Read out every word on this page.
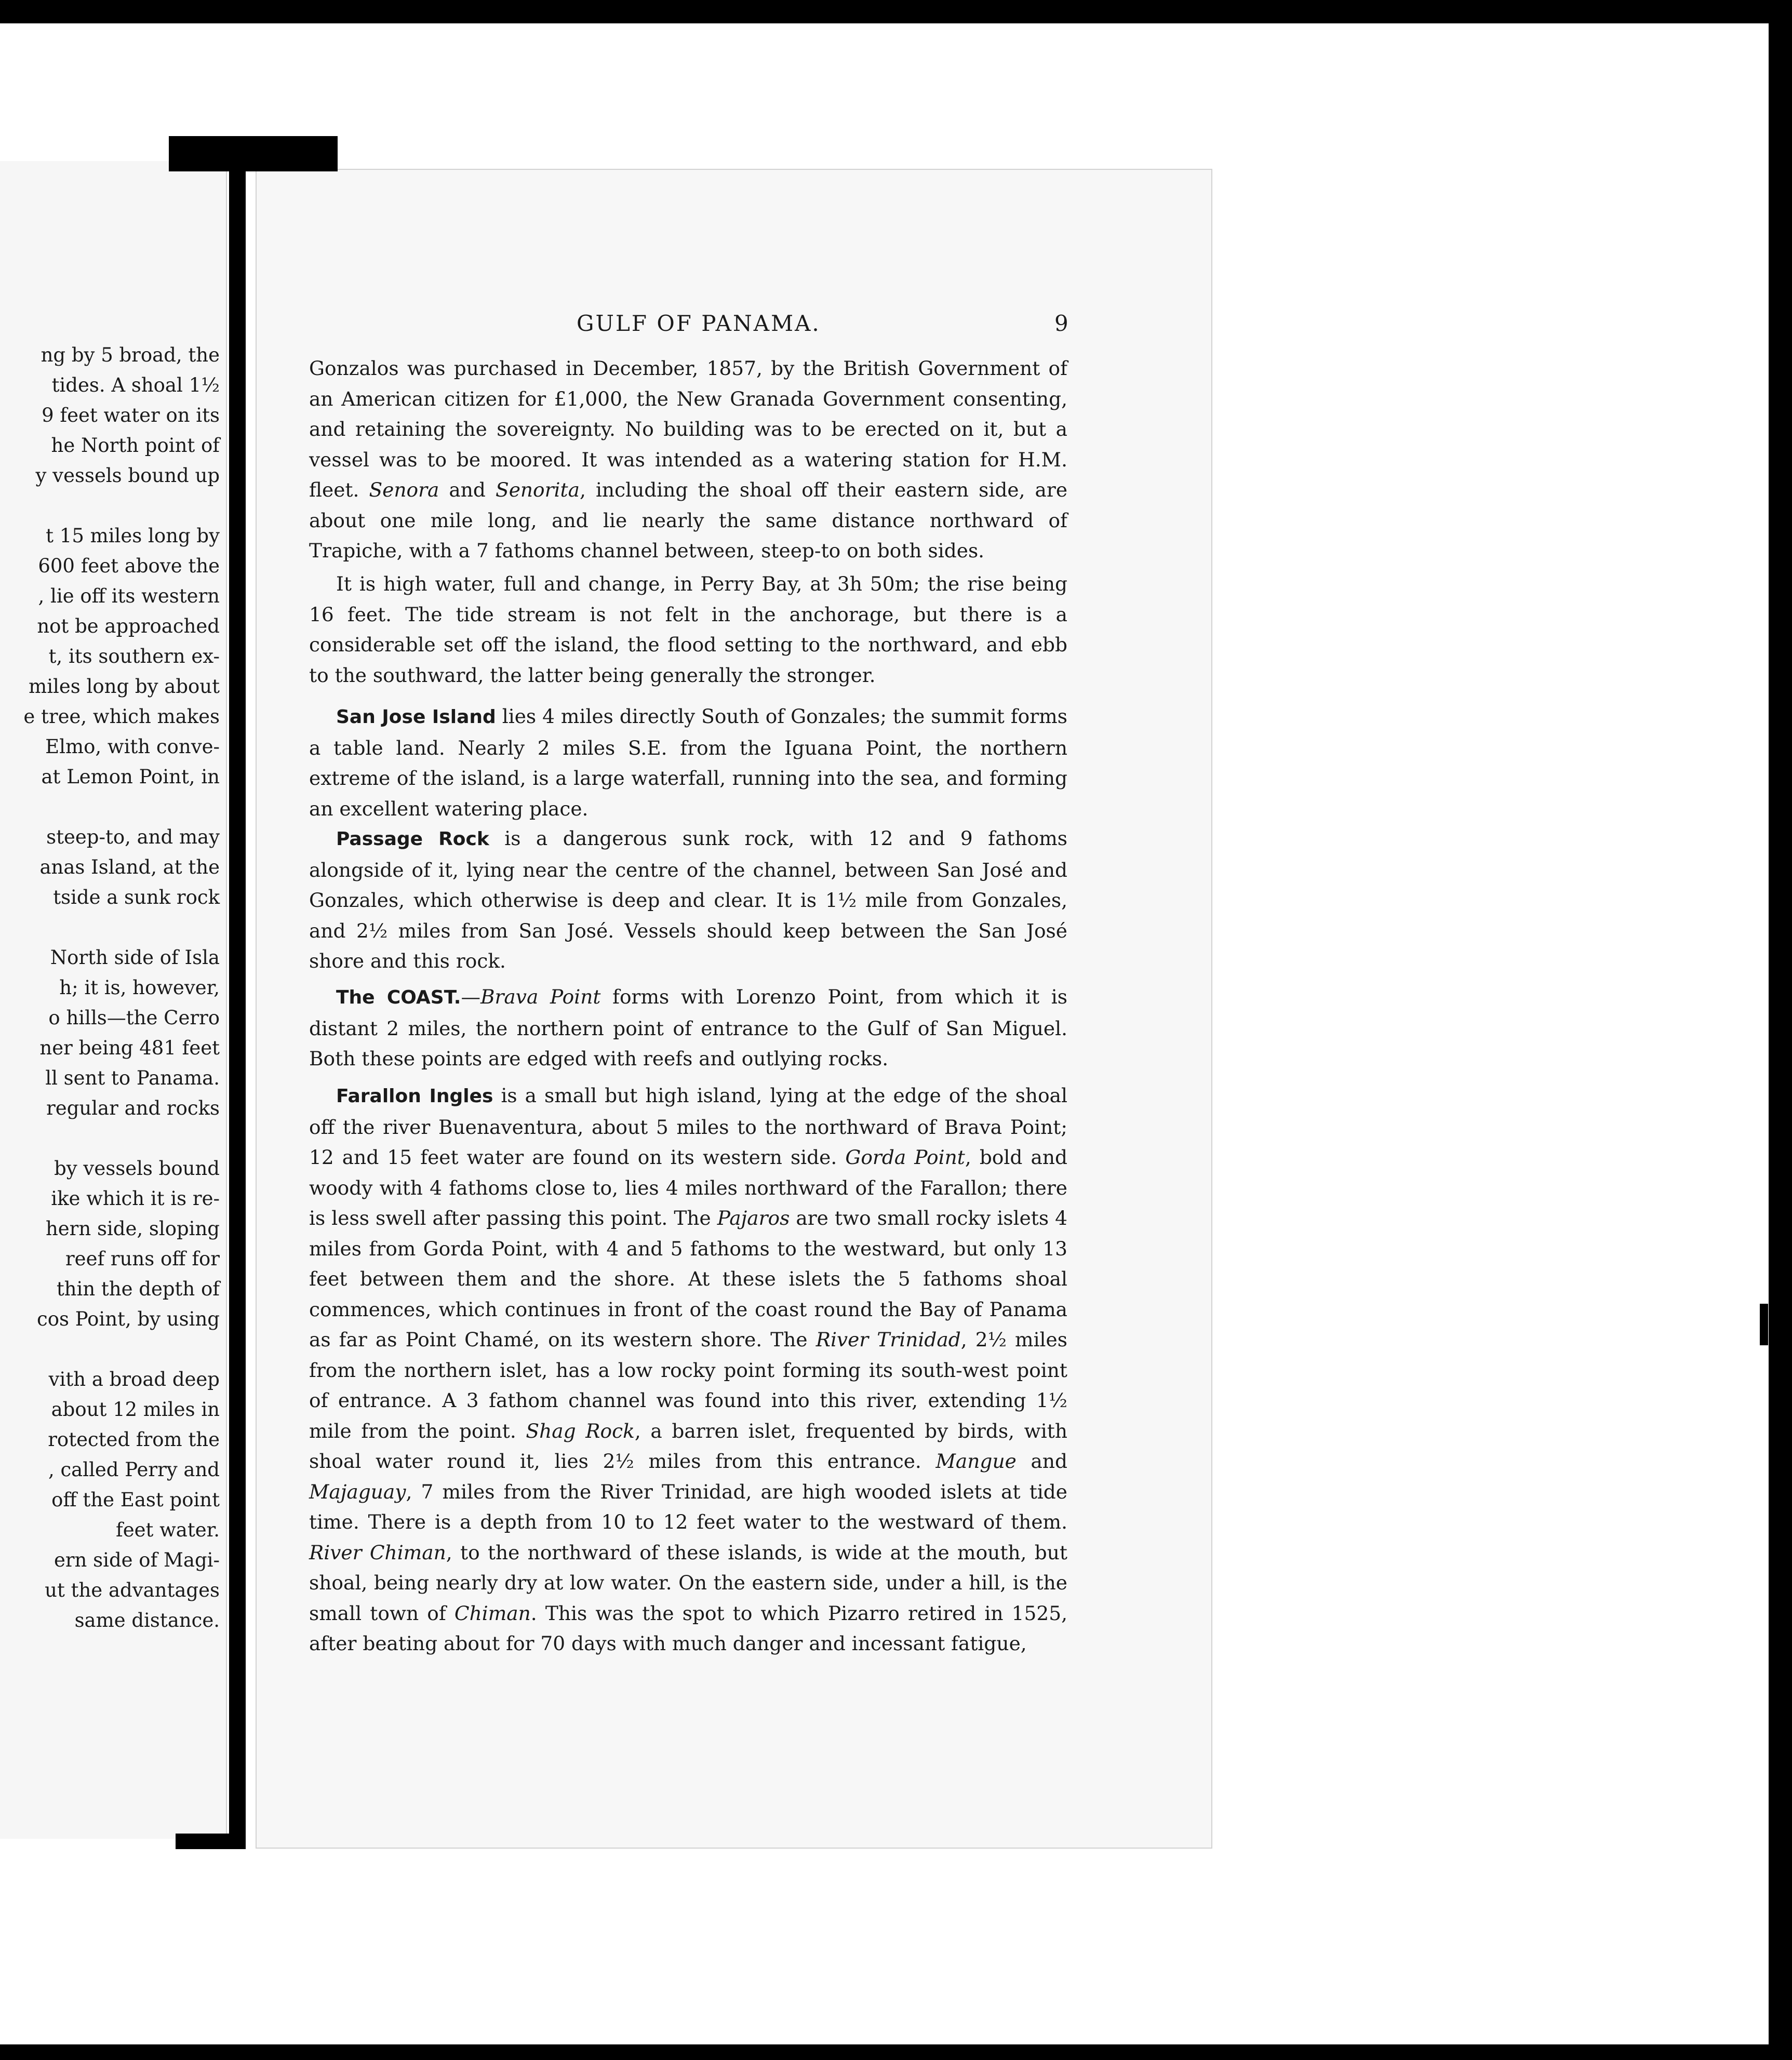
ng by 5 broad, the
tides. A shoal 1½
9 feet water on its
he North point of
y vessels bound up
t 15 miles long by
600 feet above the
, lie off its western
not be approached
t, its southern ex-
miles long by about
e tree, which makes
Elmo, with conve-
at Lemon Point, in
steep-to, and may
anas Island, at the
tside a sunk rock
North side of Isla
h; it is, however,
o hills—the Cerro
ner being 481 feet
ll sent to Panama.
regular and rocks
by vessels bound
ike which it is re-
hern side, sloping
reef runs off for
thin the depth of
cos Point, by using
vith a broad deep
about 12 miles in
rotected from the
, called Perry and
off the East point
feet water.
ern side of Magi-
ut the advantages
same distance.
GULF OF PANAMA.	9

Gonzalos was purchased in December, 1857, by the British Government of an American citizen for £1,000, the New Granada Government consenting, and retaining the sovereignty. No building was to be erected on it, but a vessel was to be moored. It was intended as a watering station for H.M. fleet. Senora and Senorita, including the shoal off their eastern side, are about one mile long, and lie nearly the same distance northward of Trapiche, with a 7 fathoms channel between, steep-to on both sides.

It is high water, full and change, in Perry Bay, at 3h 50m; the rise being 16 feet. The tide stream is not felt in the anchorage, but there is a considerable set off the island, the flood setting to the northward, and ebb to the southward, the latter being generally the stronger.

San Jose Island lies 4 miles directly South of Gonzales; the summit forms a table land. Nearly 2 miles S.E. from the Iguana Point, the northern extreme of the island, is a large waterfall, running into the sea, and forming an excellent watering place.

Passage Rock is a dangerous sunk rock, with 12 and 9 fathoms alongside of it, lying near the centre of the channel, between San José and Gonzales, which otherwise is deep and clear. It is 1½ mile from Gonzales, and 2½ miles from San José. Vessels should keep between the San José shore and this rock.

The COAST.—Brava Point forms with Lorenzo Point, from which it is distant 2 miles, the northern point of entrance to the Gulf of San Miguel. Both these points are edged with reefs and outlying rocks.

Farallon Ingles is a small but high island, lying at the edge of the shoal off the river Buenaventura, about 5 miles to the northward of Brava Point; 12 and 15 feet water are found on its western side. Gorda Point, bold and woody with 4 fathoms close to, lies 4 miles northward of the Farallon; there is less swell after passing this point. The Pajaros are two small rocky islets 4 miles from Gorda Point, with 4 and 5 fathoms to the westward, but only 13 feet between them and the shore. At these islets the 5 fathoms shoal commences, which continues in front of the coast round the Bay of Panama as far as Point Chamé, on its western shore. The River Trinidad, 2½ miles from the northern islet, has a low rocky point forming its south-west point of entrance. A 3 fathom channel was found into this river, extending 1½ mile from the point. Shag Rock, a barren islet, frequented by birds, with shoal water round it, lies 2½ miles from this entrance. Mangue and Majaguay, 7 miles from the River Trinidad, are high wooded islets at tide time. There is a depth from 10 to 12 feet water to the westward of them. River Chiman, to the northward of these islands, is wide at the mouth, but shoal, being nearly dry at low water. On the eastern side, under a hill, is the small town of Chiman. This was the spot to which Pizarro retired in 1525, after beating about for 70 days with much danger and incessant fatigue,
